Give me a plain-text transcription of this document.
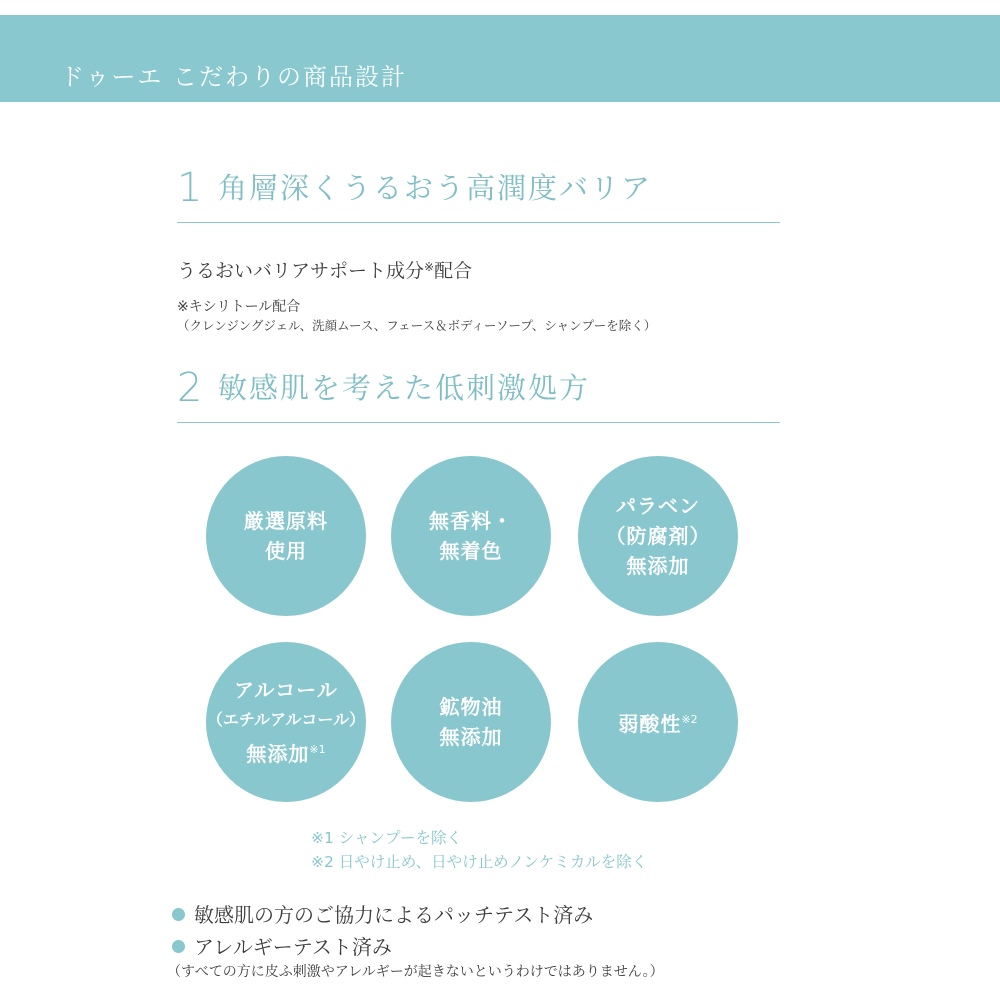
ドゥーエ こだわりの商品設計
1 角層深くうるおう高潤度バリア
うるおいバリアサポート成分※配合
※キシリトール配合
（クレンジングジェル、洗顔ムース、フェース＆ボディーソープ、シャンプーを除く）
2 敏感肌を考えた低刺激処方
厳選原料
使用
無香料・
無着色
パラベン
（防腐剤）
無添加
アルコール
（エチルアルコール）
無添加$^{※1}$
鉱物油
無添加
弱酸性$^{※2}$
※1 シャンプーを除く
※2 日やけ止め、日やけ止めノンケミカルを除く
敏感肌の方のご協力によるパッチテスト済み
アレルギーテスト済み
（すべての方に皮ふ刺激やアレルギーが起きないというわけではありません。）
